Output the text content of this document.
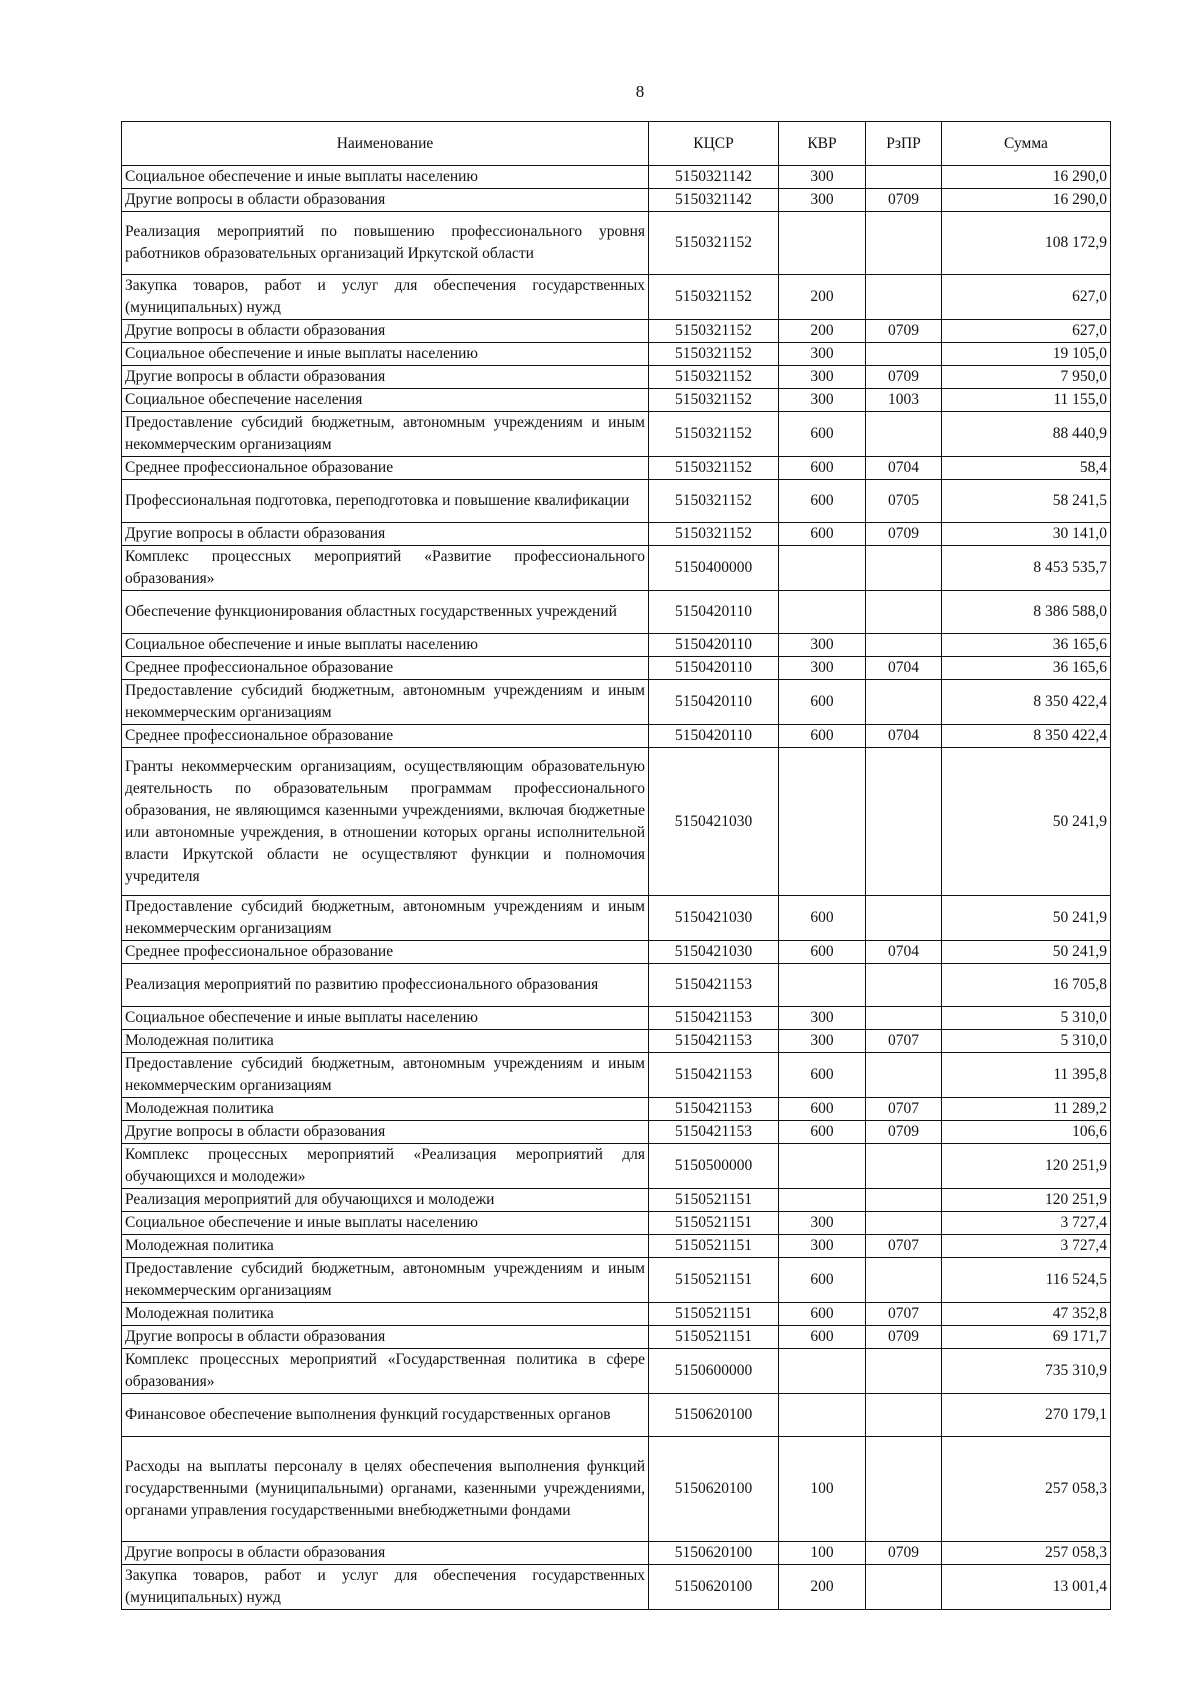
8
Наименование	КЦСР	КВР	РзПР	Сумма
Социальное обеспечение и иные выплаты населению	5150321142	300		16 290,0
Другие вопросы в области образования	5150321142	300	0709	16 290,0
Реализация мероприятий по повышению профессионального уровня работников образовательных организаций Иркутской области	5150321152			108 172,9
Закупка товаров, работ и услуг для обеспечения государственных (муниципальных) нужд	5150321152	200		627,0
Другие вопросы в области образования	5150321152	200	0709	627,0
Социальное обеспечение и иные выплаты населению	5150321152	300		19 105,0
Другие вопросы в области образования	5150321152	300	0709	7 950,0
Социальное обеспечение населения	5150321152	300	1003	11 155,0
Предоставление субсидий бюджетным, автономным учреждениям и иным некоммерческим организациям	5150321152	600		88 440,9
Среднее профессиональное образование	5150321152	600	0704	58,4
Профессиональная подготовка, переподготовка и повышение квалификации	5150321152	600	0705	58 241,5
Другие вопросы в области образования	5150321152	600	0709	30 141,0
Комплекс процессных мероприятий «Развитие профессионального образования»	5150400000			8 453 535,7
Обеспечение функционирования областных государственных учреждений	5150420110			8 386 588,0
Социальное обеспечение и иные выплаты населению	5150420110	300		36 165,6
Среднее профессиональное образование	5150420110	300	0704	36 165,6
Предоставление субсидий бюджетным, автономным учреждениям и иным некоммерческим организациям	5150420110	600		8 350 422,4
Среднее профессиональное образование	5150420110	600	0704	8 350 422,4
Гранты некоммерческим организациям, осуществляющим образовательную деятельность по образовательным программам профессионального образования, не являющимся казенными учреждениями, включая бюджетные или автономные учреждения, в отношении которых органы исполнительной власти Иркутской области не осуществляют функции и полномочия учредителя	5150421030			50 241,9
Предоставление субсидий бюджетным, автономным учреждениям и иным некоммерческим организациям	5150421030	600		50 241,9
Среднее профессиональное образование	5150421030	600	0704	50 241,9
Реализация мероприятий по развитию профессионального образования	5150421153			16 705,8
Социальное обеспечение и иные выплаты населению	5150421153	300		5 310,0
Молодежная политика	5150421153	300	0707	5 310,0
Предоставление субсидий бюджетным, автономным учреждениям и иным некоммерческим организациям	5150421153	600		11 395,8
Молодежная политика	5150421153	600	0707	11 289,2
Другие вопросы в области образования	5150421153	600	0709	106,6
Комплекс процессных мероприятий «Реализация мероприятий для обучающихся и молодежи»	5150500000			120 251,9
Реализация мероприятий для обучающихся и молодежи	5150521151			120 251,9
Социальное обеспечение и иные выплаты населению	5150521151	300		3 727,4
Молодежная политика	5150521151	300	0707	3 727,4
Предоставление субсидий бюджетным, автономным учреждениям и иным некоммерческим организациям	5150521151	600		116 524,5
Молодежная политика	5150521151	600	0707	47 352,8
Другие вопросы в области образования	5150521151	600	0709	69 171,7
Комплекс процессных мероприятий «Государственная политика в сфере образования»	5150600000			735 310,9
Финансовое обеспечение выполнения функций государственных органов	5150620100			270 179,1
Расходы на выплаты персоналу в целях обеспечения выполнения функций государственными (муниципальными) органами, казенными учреждениями, органами управления государственными внебюджетными фондами	5150620100	100		257 058,3
Другие вопросы в области образования	5150620100	100	0709	257 058,3
Закупка товаров, работ и услуг для обеспечения государственных (муниципальных) нужд	5150620100	200		13 001,4
